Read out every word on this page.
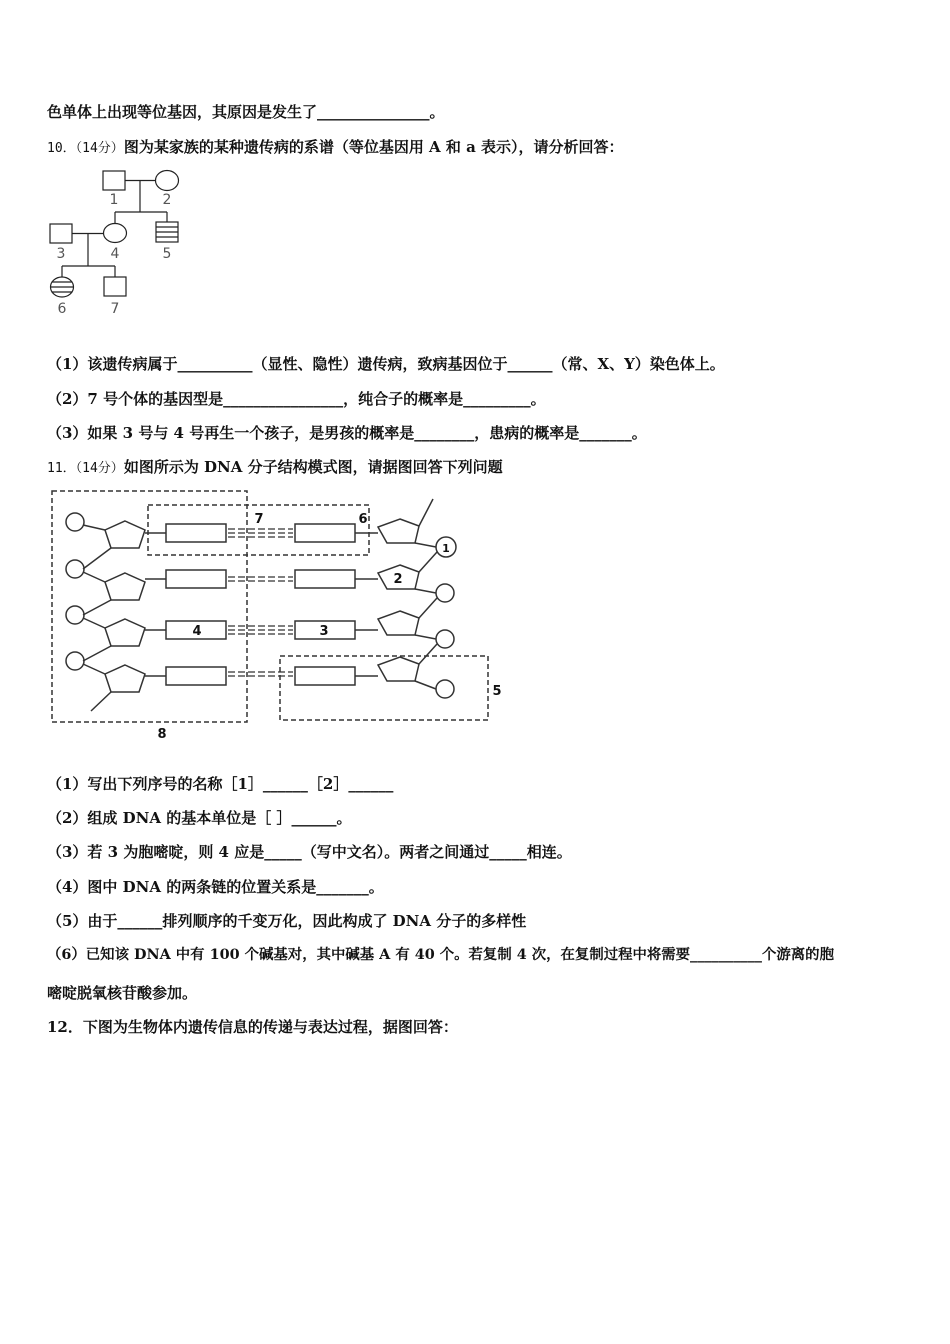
色单体上出现等位基因，其原因是发生了_______________。
10．（14分）图为某家族的某种遗传病的系谱（等位基因用 A 和 a 表示），请分析回答：
1	2
3	4	5
6	7
（1）该遗传病属于__________（显性、隐性）遗传病，致病基因位于______（常、X、Y）染色体上。
（2）7 号个体的基因型是________________，纯合子的概率是_________。
（3）如果 3 号与 4 号再生一个孩子，是男孩的概率是________，患病的概率是_______。
11．（14分）如图所示为 DNA 分子结构模式图，请据图回答下列问题
1
2
3
4
5
6
7
8
（1）写出下列序号的名称［1］______［2］______
（2）组成 DNA 的基本单位是［ ］______。
（3）若 3 为胞嘧啶，则 4 应是_____（写中文名）。两者之间通过_____相连。
（4）图中 DNA 的两条链的位置关系是_______。
（5）由于______排列顺序的千变万化，因此构成了 DNA 分子的多样性
（6）已知该 DNA 中有 100 个碱基对，其中碱基 A 有 40 个。若复制 4 次，在复制过程中将需要__________个游离的胞
嘧啶脱氧核苷酸参加。
12．下图为生物体内遗传信息的传递与表达过程，据图回答：
